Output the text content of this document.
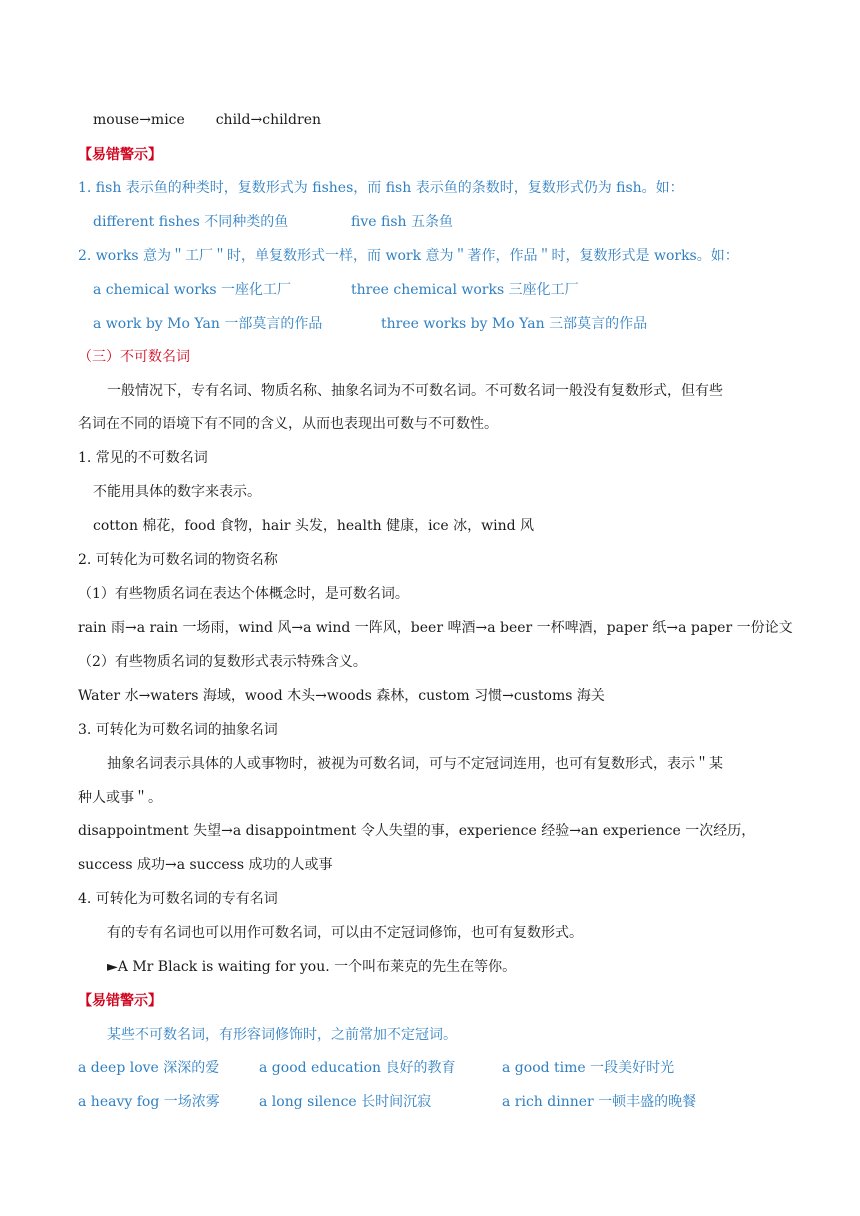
mouse→mice child→children
【易错警示】
1. fish 表示鱼的种类时，复数形式为 fishes，而 fish 表示鱼的条数时，复数形式仍为 fish。如：
different fishes 不同种类的鱼	five fish 五条鱼
2. works 意为＂工厂＂时，单复数形式一样，而 work 意为＂著作，作品＂时，复数形式是 works。如：
a chemical works 一座化工厂	three chemical works 三座化工厂
a work by Mo Yan 一部莫言的作品	three works by Mo Yan 三部莫言的作品
（三）不可数名词
一般情况下，专有名词、物质名称、抽象名词为不可数名词。不可数名词一般没有复数形式，但有些
名词在不同的语境下有不同的含义，从而也表现出可数与不可数性。
1. 常见的不可数名词
不能用具体的数字来表示。
cotton 棉花，food 食物，hair 头发，health 健康，ice 冰，wind 风
2. 可转化为可数名词的物资名称
（1）有些物质名词在表达个体概念时，是可数名词。
rain 雨→a rain 一场雨，wind 风→a wind 一阵风，beer 啤酒→a beer 一杯啤酒，paper 纸→a paper 一份论文
（2）有些物质名词的复数形式表示特殊含义。
Water 水→waters 海域，wood 木头→woods 森林，custom 习惯→customs 海关
3. 可转化为可数名词的抽象名词
抽象名词表示具体的人或事物时，被视为可数名词，可与不定冠词连用，也可有复数形式，表示＂某
种人或事＂。
disappointment 失望→a disappointment 令人失望的事，experience 经验→an experience 一次经历，
success 成功→a success 成功的人或事
4. 可转化为可数名词的专有名词
有的专有名词也可以用作可数名词，可以由不定冠词修饰，也可有复数形式。
►A Mr Black is waiting for you. 一个叫布莱克的先生在等你。
【易错警示】
某些不可数名词，有形容词修饰时，之前常加不定冠词。
a deep love 深深的爱	a good education 良好的教育	a good time 一段美好时光
a heavy fog 一场浓雾	a long silence 长时间沉寂	a rich dinner 一顿丰盛的晚餐
